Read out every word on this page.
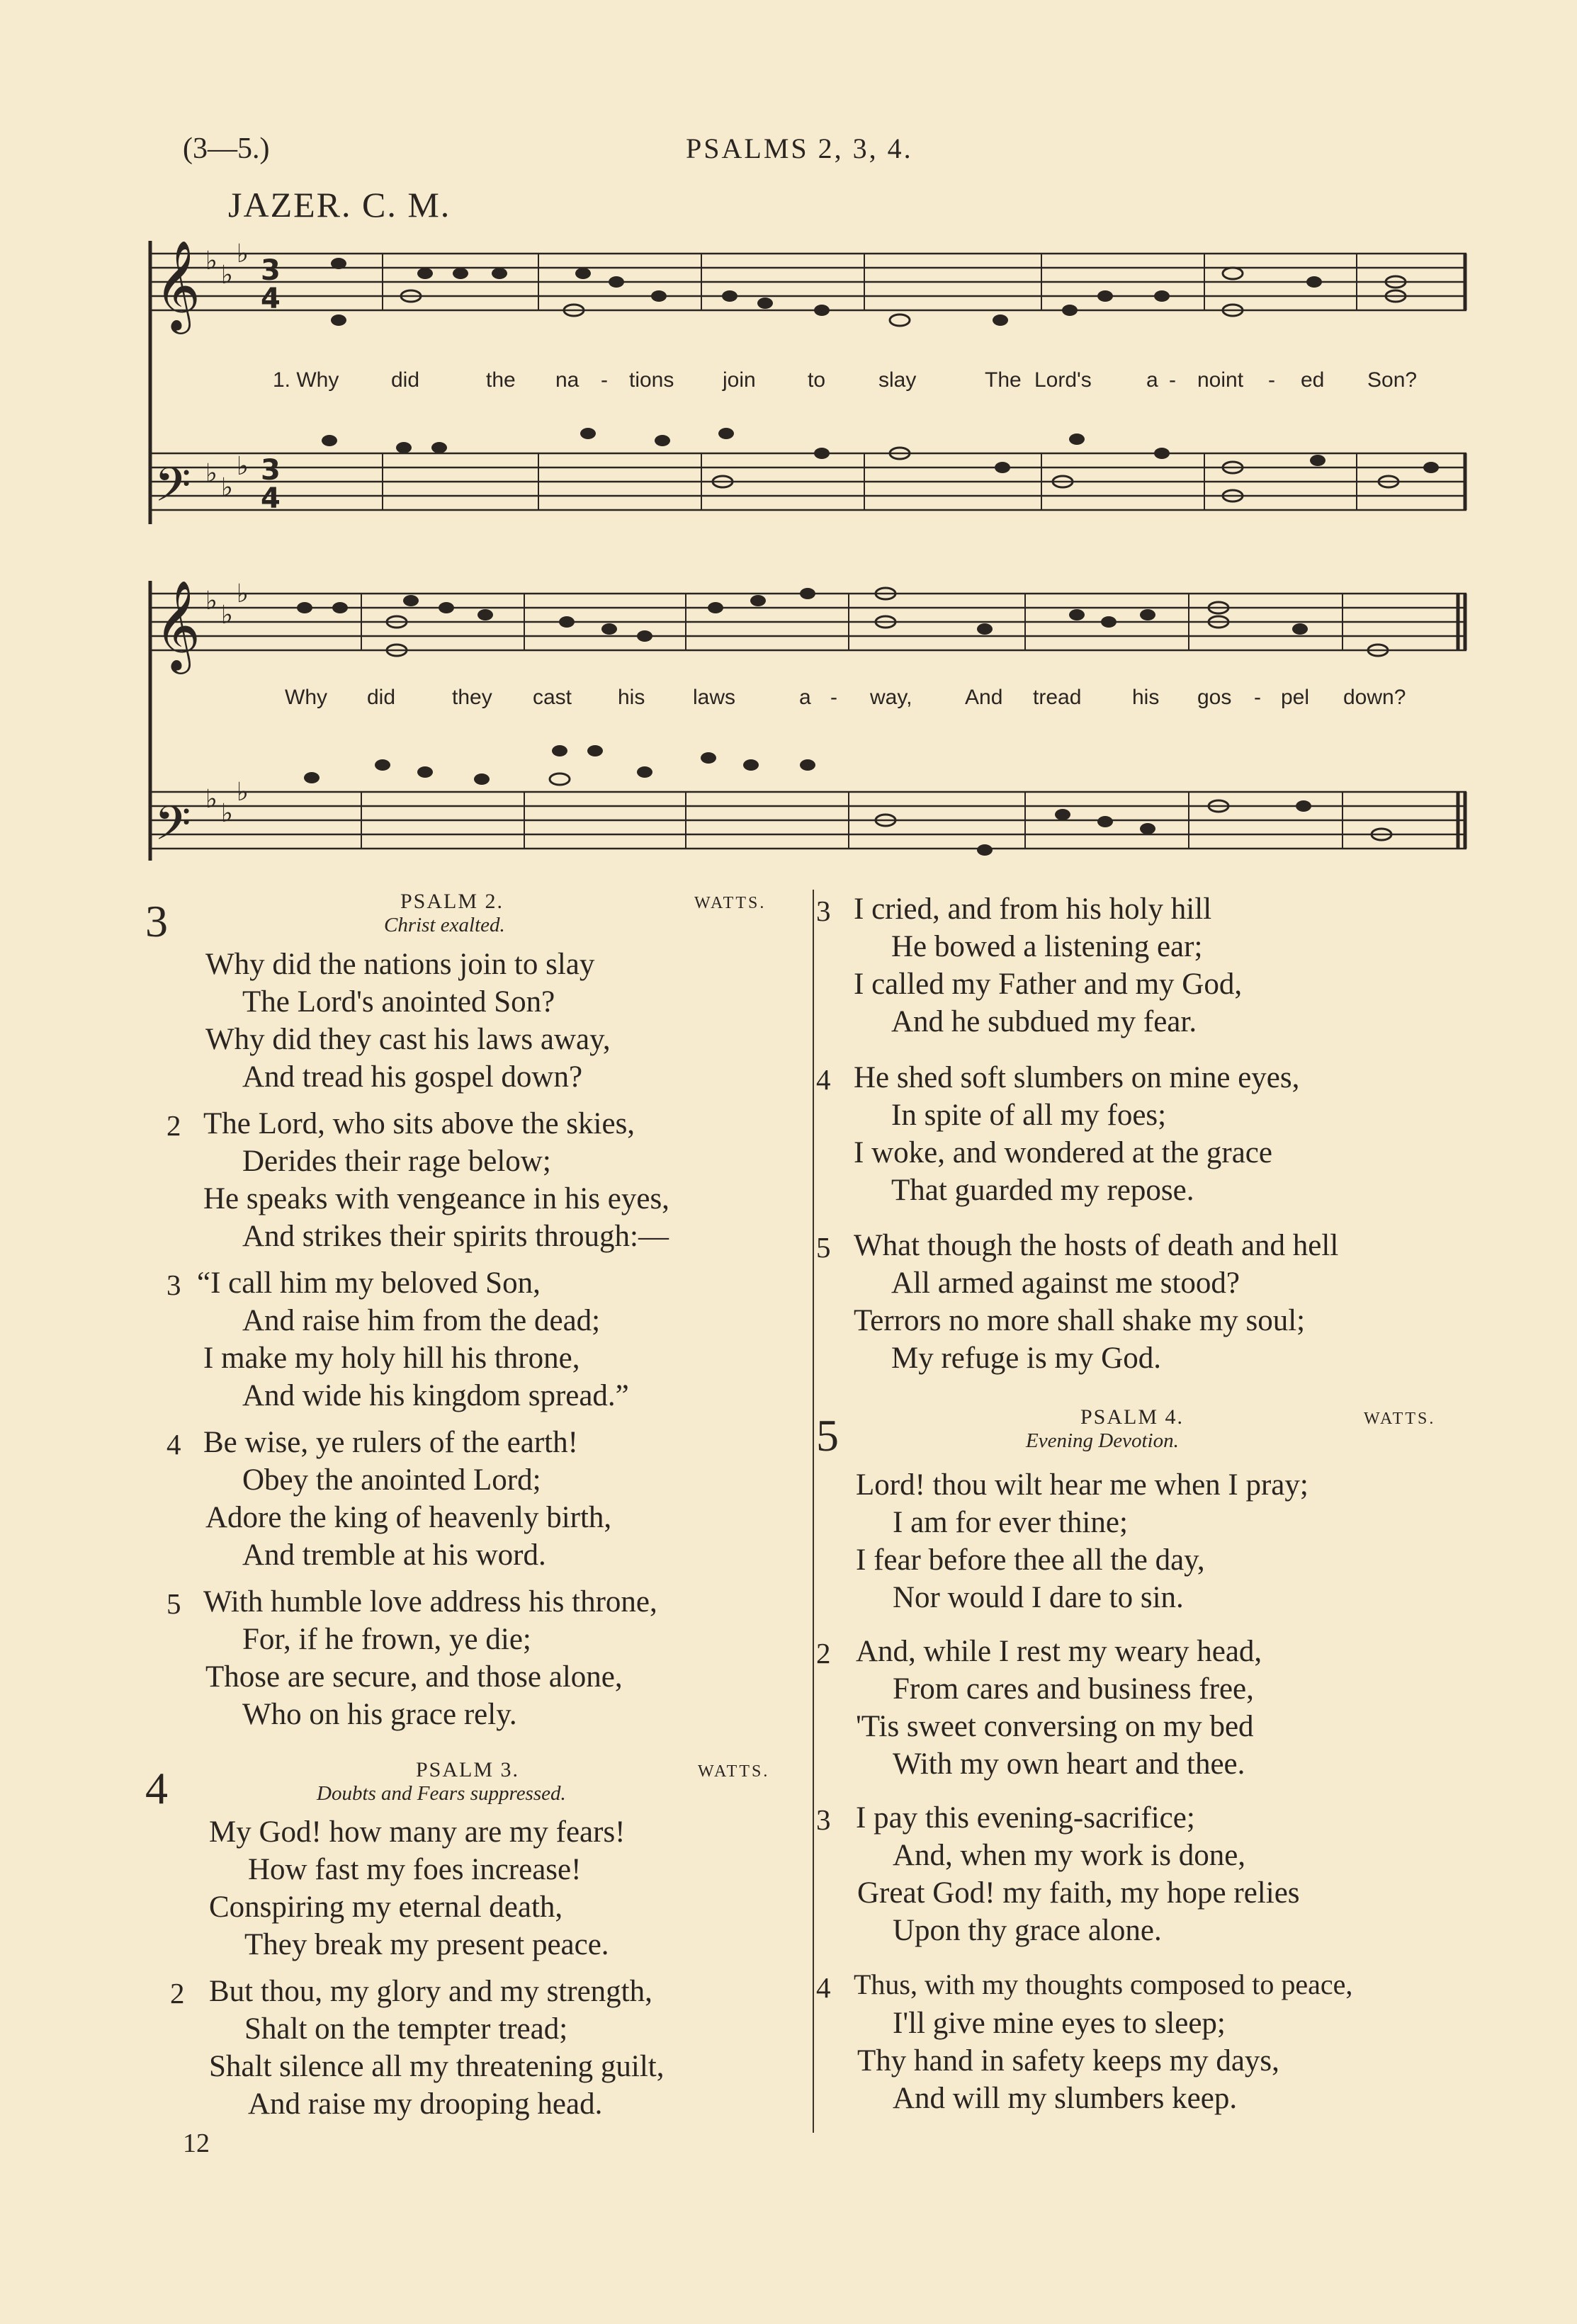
(3—5.)	PSALMS 2, 3, 4.
JAZER. C. M.
𝄞
𝄢
𝄞
𝄢
♭ ♭
♭
♭ ♭
♭
♭ ♭
♭
♭ ♭
♭
3
4
3
4
1. Why did	the na - tions join to slay	The Lord's	a - noint - ed Son?
Why did	they cast his laws	a - way, And tread his gos - pel down?
3	PSALM 2.	WATTS.
Christ exalted.
Why did the nations join to slay
The Lord's anointed Son?
Why did they cast his laws away,
And tread his gospel down?
2 The Lord, who sits above the skies,
Derides their rage below;
He speaks with vengeance in his eyes,
And strikes their spirits through:—
3 “I call him my beloved Son,
And raise him from the dead;
I make my holy hill his throne,
And wide his kingdom spread.”
4 Be wise, ye rulers of the earth!
Obey the anointed Lord;
Adore the king of heavenly birth,
And tremble at his word.
5 With humble love address his throne,
For, if he frown, ye die;
Those are secure, and those alone,
Who on his grace rely.
4	PSALM 3.	WATTS.
Doubts and Fears suppressed.
My God! how many are my fears!
How fast my foes increase!
Conspiring my eternal death,
They break my present peace.
2 But thou, my glory and my strength,
Shalt on the tempter tread;
Shalt silence all my threatening guilt,
And raise my drooping head.
12
3 I cried, and from his holy hill
He bowed a listening ear;
I called my Father and my God,
And he subdued my fear.
4 He shed soft slumbers on mine eyes,
In spite of all my foes;
I woke, and wondered at the grace
That guarded my repose.
5 What though the hosts of death and hell
All armed against me stood?
Terrors no more shall shake my soul;
My refuge is my God.
5	PSALM 4.	WATTS.
Evening Devotion.
Lord! thou wilt hear me when I pray;
I am for ever thine;
I fear before thee all the day,
Nor would I dare to sin.
2 And, while I rest my weary head,
From cares and business free,
'Tis sweet conversing on my bed
With my own heart and thee.
3 I pay this evening-sacrifice;
And, when my work is done,
Great God! my faith, my hope relies
Upon thy grace alone.
4 Thus, with my thoughts composed to peace,
I'll give mine eyes to sleep;
Thy hand in safety keeps my days,
And will my slumbers keep.
